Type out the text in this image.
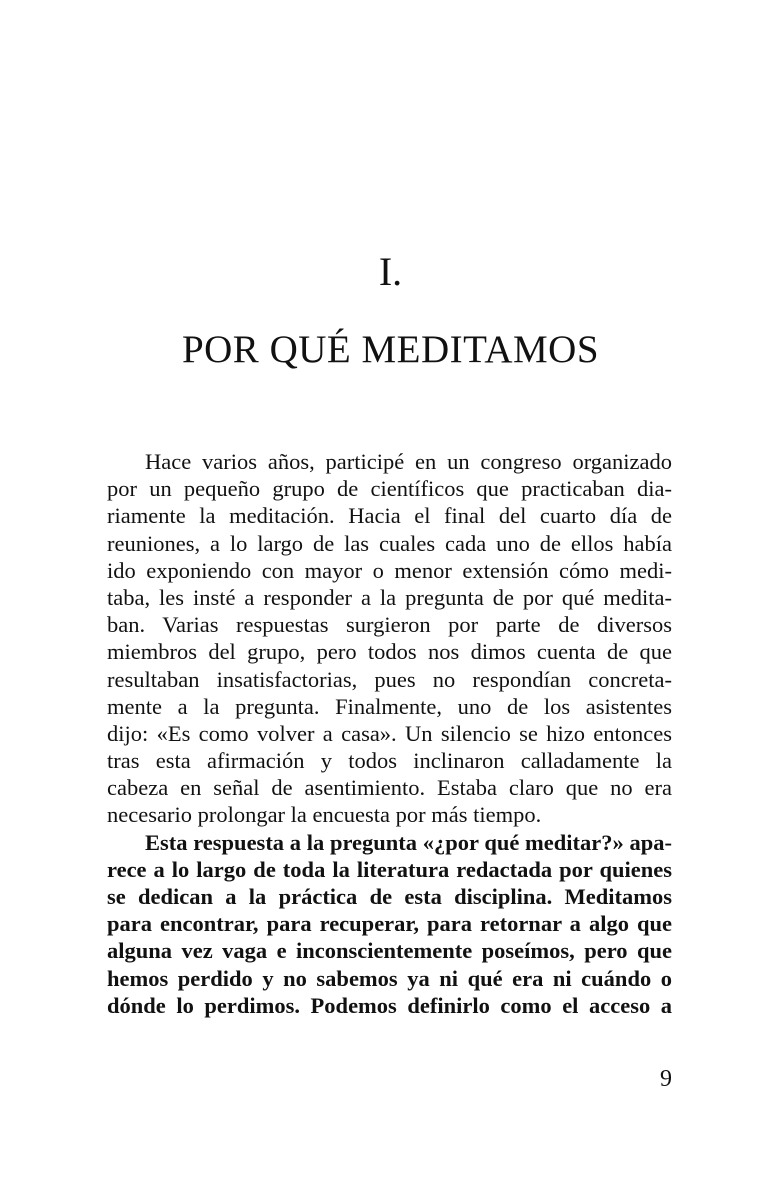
I.
POR QUÉ MEDITAMOS
Hace varios años, participé en un congreso organizado
por un pequeño grupo de científicos que practicaban dia-
riamente la meditación. Hacia el final del cuarto día de
reuniones, a lo largo de las cuales cada uno de ellos había
ido exponiendo con mayor o menor extensión cómo medi-
taba, les insté a responder a la pregunta de por qué medita-
ban. Varias respuestas surgieron por parte de diversos
miembros del grupo, pero todos nos dimos cuenta de que
resultaban insatisfactorias, pues no respondían concreta-
mente a la pregunta. Finalmente, uno de los asistentes
dijo: «Es como volver a casa». Un silencio se hizo entonces
tras esta afirmación y todos inclinaron calladamente la
cabeza en señal de asentimiento. Estaba claro que no era
necesario prolongar la encuesta por más tiempo.
Esta respuesta a la pregunta «¿por qué meditar?» apa-
rece a lo largo de toda la literatura redactada por quienes
se dedican a la práctica de esta disciplina. Meditamos
para encontrar, para recuperar, para retornar a algo que
alguna vez vaga e inconscientemente poseímos, pero que
hemos perdido y no sabemos ya ni qué era ni cuándo o
dónde lo perdimos. Podemos definirlo como el acceso a
9
